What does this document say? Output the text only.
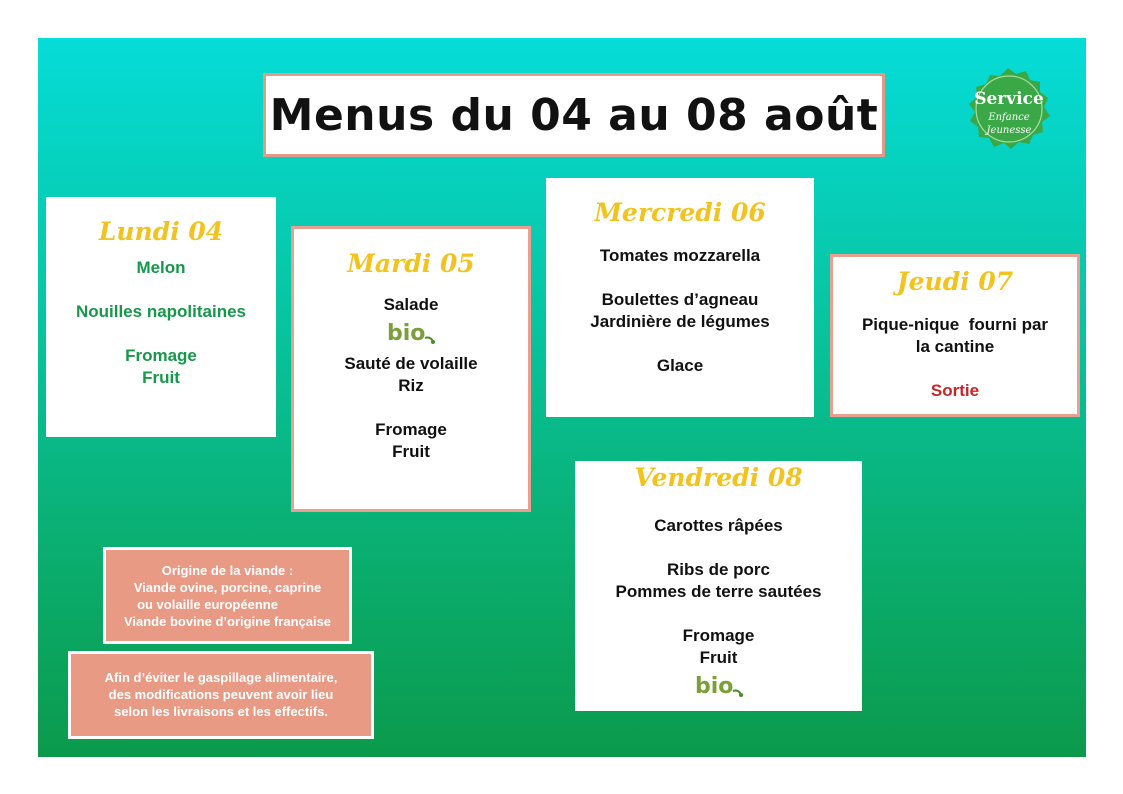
Menus du 04 au 08 août	Service
Enfance
Jeunesse

Lundi 04

Melon
Nouilles napolitaines
Fromage
Fruit

Mardi 05

Salade
bio
Sauté de volaille
Riz
Fromage
Fruit

Mercredi 06

Tomates mozzarella
Boulettes d’agneau
Jardinière de légumes
Glace

Jeudi 07

Pique-nique  fourni par
la cantine
Sortie

Vendredi 08

Carottes râpées
Ribs de porc
Pommes de terre sautées
Fromage
Fruit
bio
Origine de la viande :
Viande ovine, porcine, caprine
ou volaille européenne
Viande bovine d’origine française
Afin d’éviter le gaspillage alimentaire,
des modifications peuvent avoir lieu
selon les livraisons et les effectifs.
